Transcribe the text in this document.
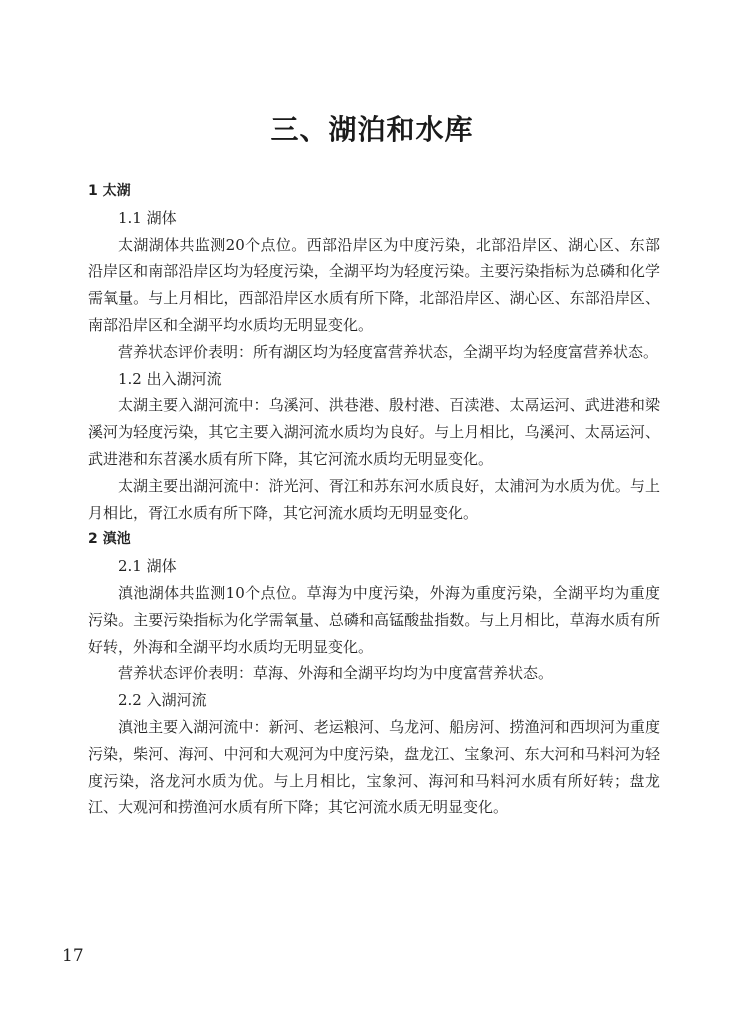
三、湖泊和水库

1 太湖

1.1 湖体

太湖湖体共监测20个点位。西部沿岸区为中度污染，北部沿岸区、湖心区、东部沿岸区和南部沿岸区均为轻度污染，全湖平均为轻度污染。主要污染指标为总磷和化学需氧量。与上月相比，西部沿岸区水质有所下降，北部沿岸区、湖心区、东部沿岸区、南部沿岸区和全湖平均水质均无明显变化。

营养状态评价表明：所有湖区均为轻度富营养状态，全湖平均为轻度富营养状态。

1.2 出入湖河流

太湖主要入湖河流中：乌溪河、洪巷港、殷村港、百渎港、太鬲运河、武进港和梁溪河为轻度污染，其它主要入湖河流水质均为良好。与上月相比，乌溪河、太鬲运河、武进港和东苕溪水质有所下降，其它河流水质均无明显变化。

太湖主要出湖河流中：浒光河、胥江和苏东河水质良好，太浦河为水质为优。与上月相比，胥江水质有所下降，其它河流水质均无明显变化。

2 滇池

2.1 湖体

滇池湖体共监测10个点位。草海为中度污染，外海为重度污染，全湖平均为重度污染。主要污染指标为化学需氧量、总磷和高锰酸盐指数。与上月相比，草海水质有所好转，外海和全湖平均水质均无明显变化。

营养状态评价表明：草海、外海和全湖平均均为中度富营养状态。

2.2 入湖河流

滇池主要入湖河流中：新河、老运粮河、乌龙河、船房河、捞渔河和西坝河为重度污染，柴河、海河、中河和大观河为中度污染，盘龙江、宝象河、东大河和马料河为轻度污染，洛龙河水质为优。与上月相比，宝象河、海河和马料河水质有所好转；盘龙江、大观河和捞渔河水质有所下降；其它河流水质无明显变化。

17
